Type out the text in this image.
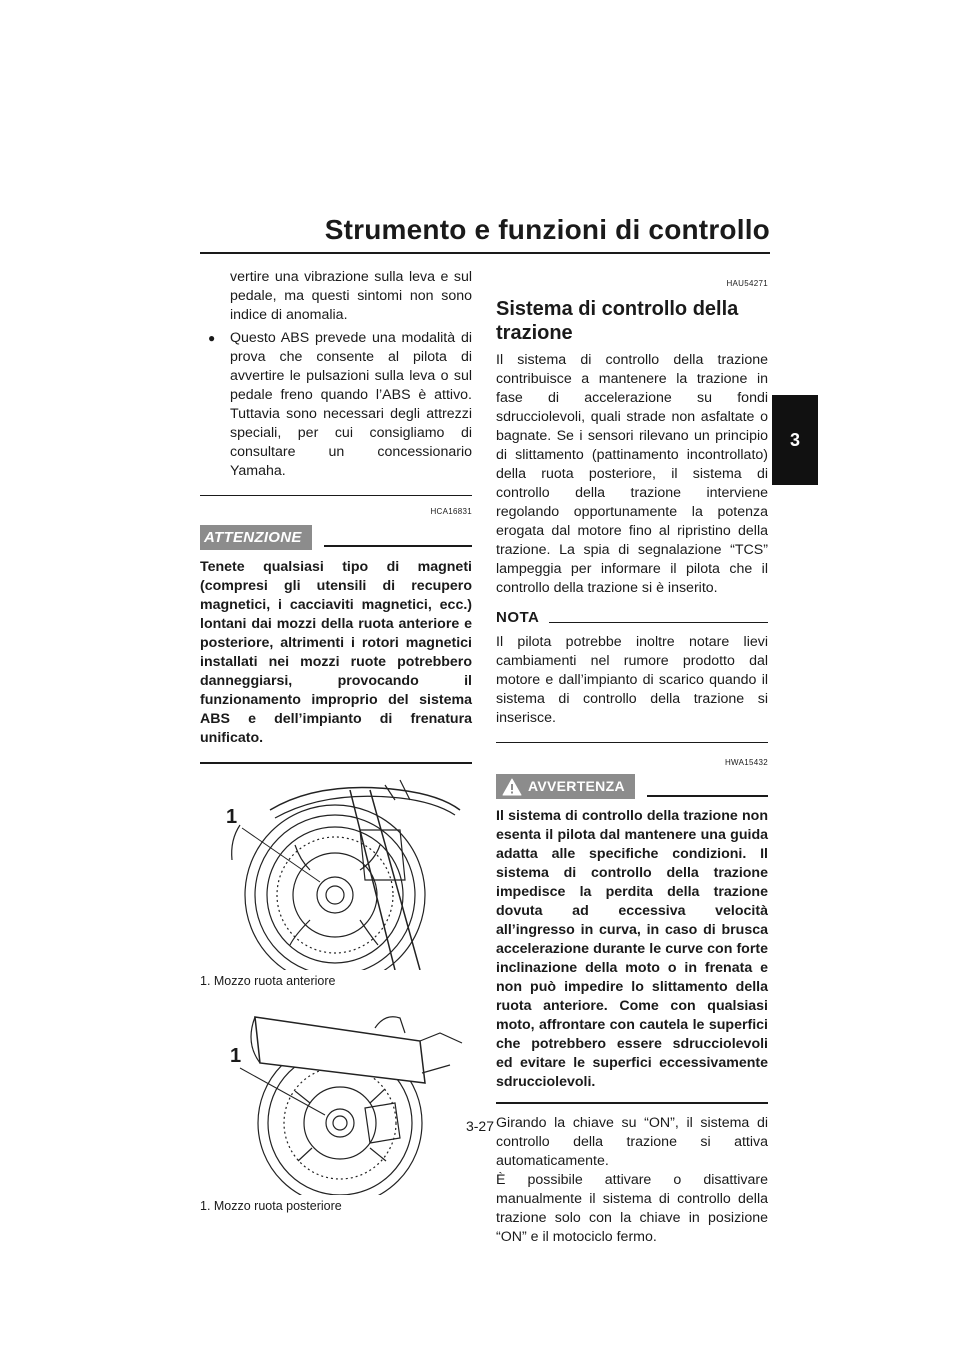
Strumento e funzioni di controllo
3
vertire una vibrazione sulla leva e sul pedale, ma questi sintomi non sono indice di anomalia.
● Questo ABS prevede una modalità di prova che consente al pilota di avvertire le pulsazioni sulla leva o sul pedale freno quando l’ABS è attivo. Tuttavia sono necessari degli attrezzi speciali, per cui consigliamo di consultare un concessionario Yamaha.
HCA16831
ATTENZIONE
Tenete qualsiasi tipo di magneti (compresi gli utensili di recupero magnetici, i cacciaviti magnetici, ecc.) lontani dai mozzi della ruota anteriore e posteriore, altrimenti i rotori magnetici installati nei mozzi ruote potrebbero danneggiarsi, provocando il funzionamento improprio del sistema ABS e dell’impianto di frenatura unificato.
1
1. Mozzo ruota anteriore
1
1. Mozzo ruota posteriore
HAU54271
Sistema di controllo della trazione
Il sistema di controllo della trazione contribuisce a mantenere la trazione in fase di accelerazione su fondi sdrucciolevoli, quali strade non asfaltate o bagnate. Se i sensori rilevano un principio di slittamento (pattinamento incontrollato) della ruota posteriore, il sistema di controllo della trazione interviene regolando opportunamente la potenza erogata dal motore fino al ripristino della trazione. La spia di segnalazione “TCS” lampeggia per informare il pilota che il controllo della trazione si è inserito.
NOTA
Il pilota potrebbe inoltre notare lievi cambiamenti nel rumore prodotto dal motore e dall’impianto di scarico quando il sistema di controllo della trazione si inserisce.
HWA15432
AVVERTENZA
Il sistema di controllo della trazione non esenta il pilota dal mantenere una guida adatta alle specifiche condizioni. Il sistema di controllo della trazione impedisce la perdita della trazione dovuta ad eccessiva velocità all’ingresso in curva, in caso di brusca accelerazione durante le curve con forte inclinazione della moto o in frenata e non può impedire lo slittamento della ruota anteriore. Come con qualsiasi moto, affrontare con cautela le superfici che potrebbero essere sdrucciolevoli ed evitare le superfici eccessivamente sdrucciolevoli.
Girando la chiave su “ON”, il sistema di controllo della trazione si attiva automaticamente.
È possibile attivare o disattivare manualmente il sistema di controllo della trazione solo con la chiave in posizione “ON” e il motociclo fermo.
3-27
